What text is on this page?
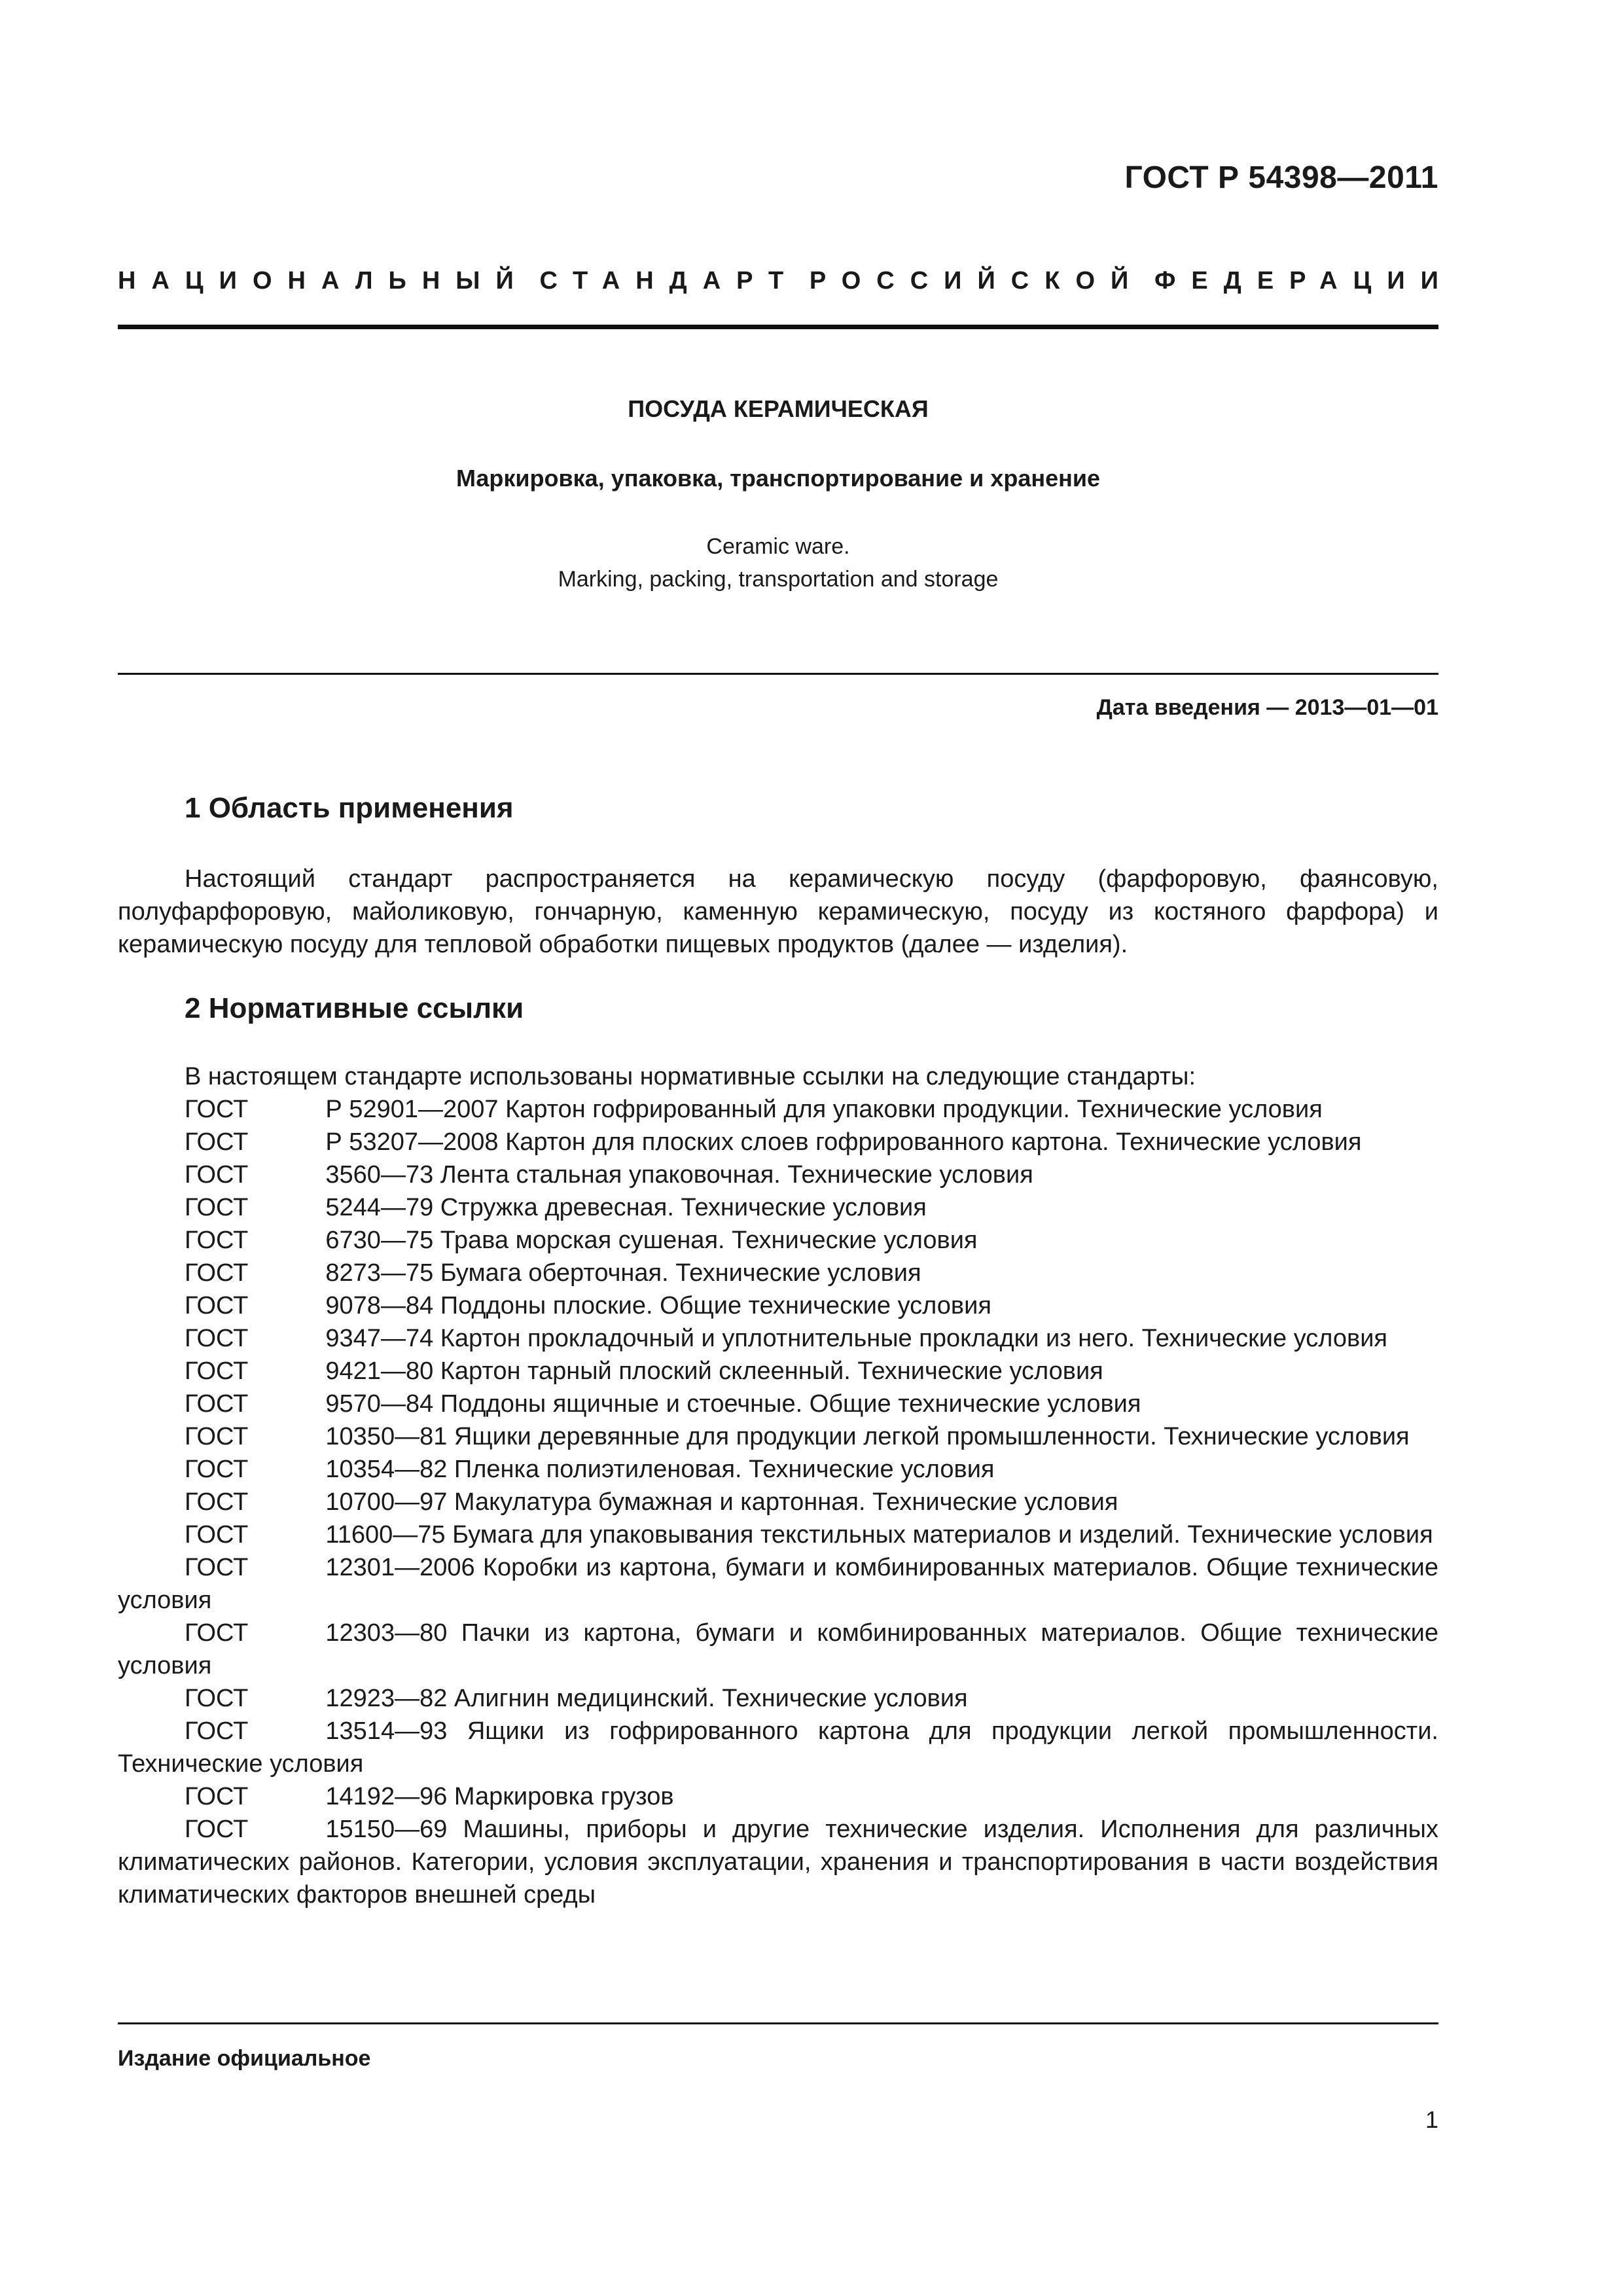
ГОСТ Р 54398—2011
НАЦИОНАЛЬНЫЙ СТАНДАРТ РОССИЙСКОЙ ФЕДЕРАЦИИ
ПОСУДА КЕРАМИЧЕСКАЯ
Маркировка, упаковка, транспортирование и хранение
Ceramic ware.
Marking, packing, transportation and storage
Дата введения — 2013—01—01
1 Область применения

Настоящий стандарт распространяется на керамическую посуду (фарфоровую, фаянсовую, полуфарфоровую, майоликовую, гончарную, каменную керамическую, посуду из костяного фарфора) и керамическую посуду для тепловой обработки пищевых продуктов (далее — изделия).

2 Нормативные ссылки

В настоящем стандарте использованы нормативные ссылки на следующие стандарты:

ГОСТ	Р 52901—2007 Картон гофрированный для упаковки продукции. Технические условия
ГОСТ	Р 53207—2008 Картон для плоских слоев гофрированного картона. Технические условия
ГОСТ	3560—73 Лента стальная упаковочная. Технические условия
ГОСТ	5244—79 Стружка древесная. Технические условия
ГОСТ	6730—75 Трава морская сушеная. Технические условия
ГОСТ	8273—75 Бумага оберточная. Технические условия
ГОСТ	9078—84 Поддоны плоские. Общие технические условия
ГОСТ	9347—74 Картон прокладочный и уплотнительные прокладки из него. Технические условия
ГОСТ	9421—80 Картон тарный плоский склеенный. Технические условия
ГОСТ	9570—84 Поддоны ящичные и стоечные. Общие технические условия
ГОСТ	10350—81 Ящики деревянные для продукции легкой промышленности. Технические условия
ГОСТ	10354—82 Пленка полиэтиленовая. Технические условия
ГОСТ	10700—97 Макулатура бумажная и картонная. Технические условия
ГОСТ	11600—75 Бумага для упаковывания текстильных материалов и изделий. Технические условия
ГОСТ	12301—2006 Коробки из картона, бумаги и комбинированных материалов. Общие технические условия
ГОСТ	12303—80 Пачки из картона, бумаги и комбинированных материалов. Общие технические условия
ГОСТ	12923—82 Алигнин медицинский. Технические условия
ГОСТ	13514—93 Ящики из гофрированного картона для продукции легкой промышленности. Технические условия
ГОСТ	14192—96 Маркировка грузов
ГОСТ	15150—69 Машины, приборы и другие технические изделия. Исполнения для различных климатических районов. Категории, условия эксплуатации, хранения и транспортирования в части воздействия климатических факторов внешней среды
Издание официальное
1
